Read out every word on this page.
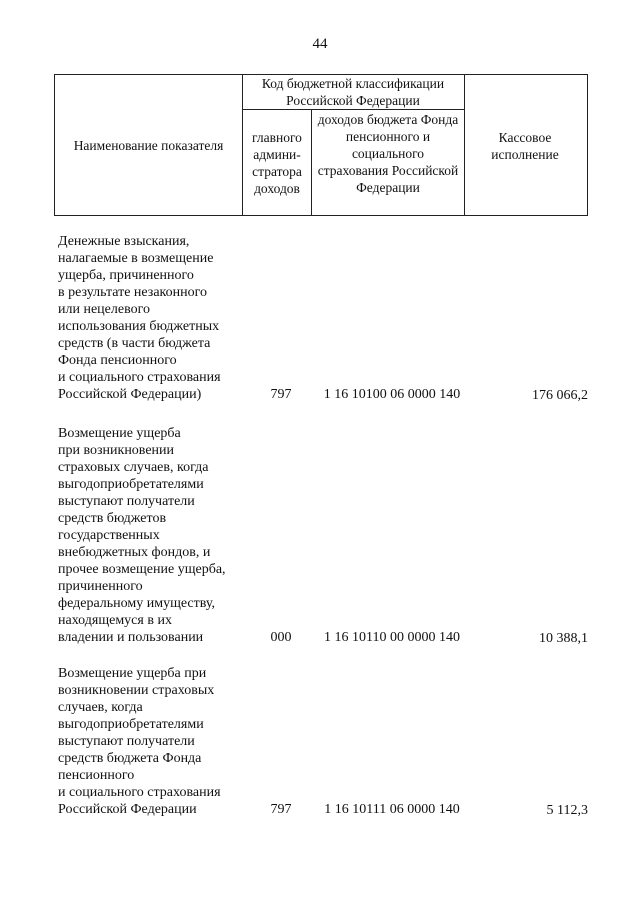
44
Наименование показателя
Код бюджетной классификации Российской Федерации
главного админи-стратора доходов
доходов бюджета Фонда пенсионного и социального страхования Российской Федерации
Кассовое исполнение
Денежные взыскания,
налагаемые в возмещение
ущерба, причиненного
в результате незаконного
или нецелевого
использования бюджетных
средств (в части бюджета
Фонда пенсионного
и социального страхования
Российской Федерации)	797	1 16 10100 06 0000 140	176 066,2
Возмещение ущерба
при возникновении
страховых случаев, когда
выгодоприобретателями
выступают получатели
средств бюджетов
государственных
внебюджетных фондов, и
прочее возмещение ущерба,
причиненного
федеральному имуществу,
находящемуся в их
владении и пользовании	000	1 16 10110 00 0000 140	10 388,1
Возмещение ущерба при
возникновении страховых
случаев, когда
выгодоприобретателями
выступают получатели
средств бюджета Фонда
пенсионного
и социального страхования
Российской Федерации	797	1 16 10111 06 0000 140	5 112,3
